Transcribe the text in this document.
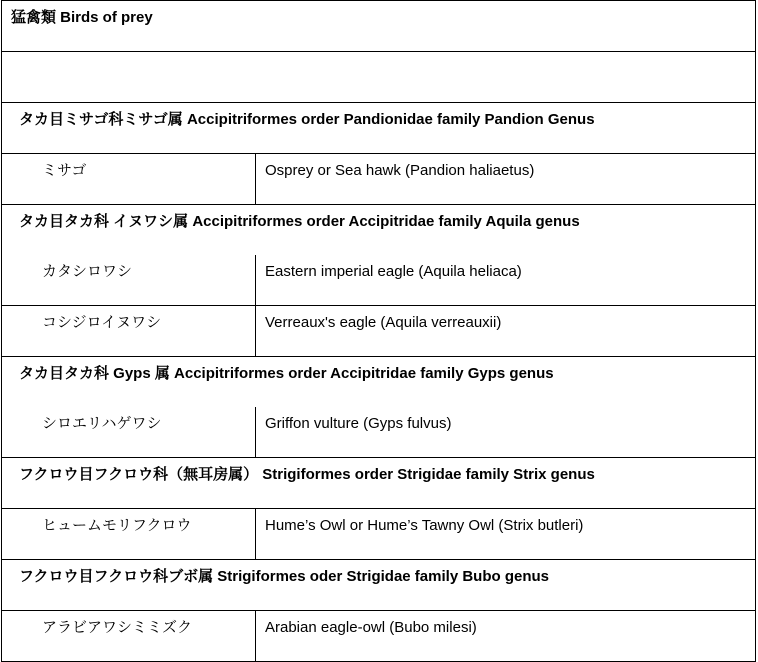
猛禽類 Birds of prey	

タカ目ミサゴ科ミサゴ属 Accipitriformes order Pandionidae family Pandion Genus	

ミサゴ	Osprey or Sea hawk (Pandion haliaetus)

タカ目タカ科 イヌワシ属 Accipitriformes order Accipitridae family Aquila genus	

カタシロワシ	Eastern imperial eagle (Aquila heliaca)

コシジロイヌワシ	Verreaux's eagle (Aquila verreauxii)

タカ目タカ科 Gyps 属 Accipitriformes order Accipitridae family Gyps genus	

シロエリハゲワシ	Griffon vulture (Gyps fulvus)

フクロウ目フクロウ科（無耳房属） Strigiformes order Strigidae family Strix genus	

ヒュームモリフクロウ	Hume’s Owl or Hume’s Tawny Owl (Strix butleri)

フクロウ目フクロウ科ブボ属 Strigiformes oder Strigidae family Bubo genus	

アラビアワシミミズク	Arabian eagle-owl (Bubo milesi)
